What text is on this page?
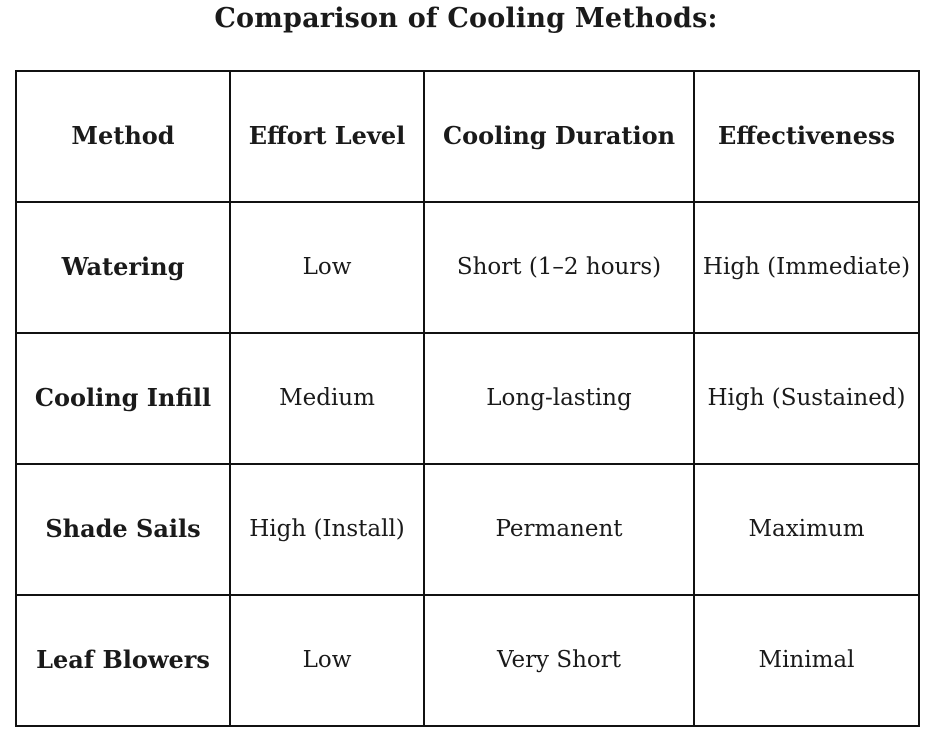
Comparison of Cooling Methods:
Method	Effort Level	Cooling Duration	Effectiveness
Watering	Low	Short (1–2 hours)	High (Immediate)
Cooling Infill	Medium	Long-lasting	High (Sustained)
Shade Sails	High (Install)	Permanent	Maximum
Leaf Blowers	Low	Very Short	Minimal
